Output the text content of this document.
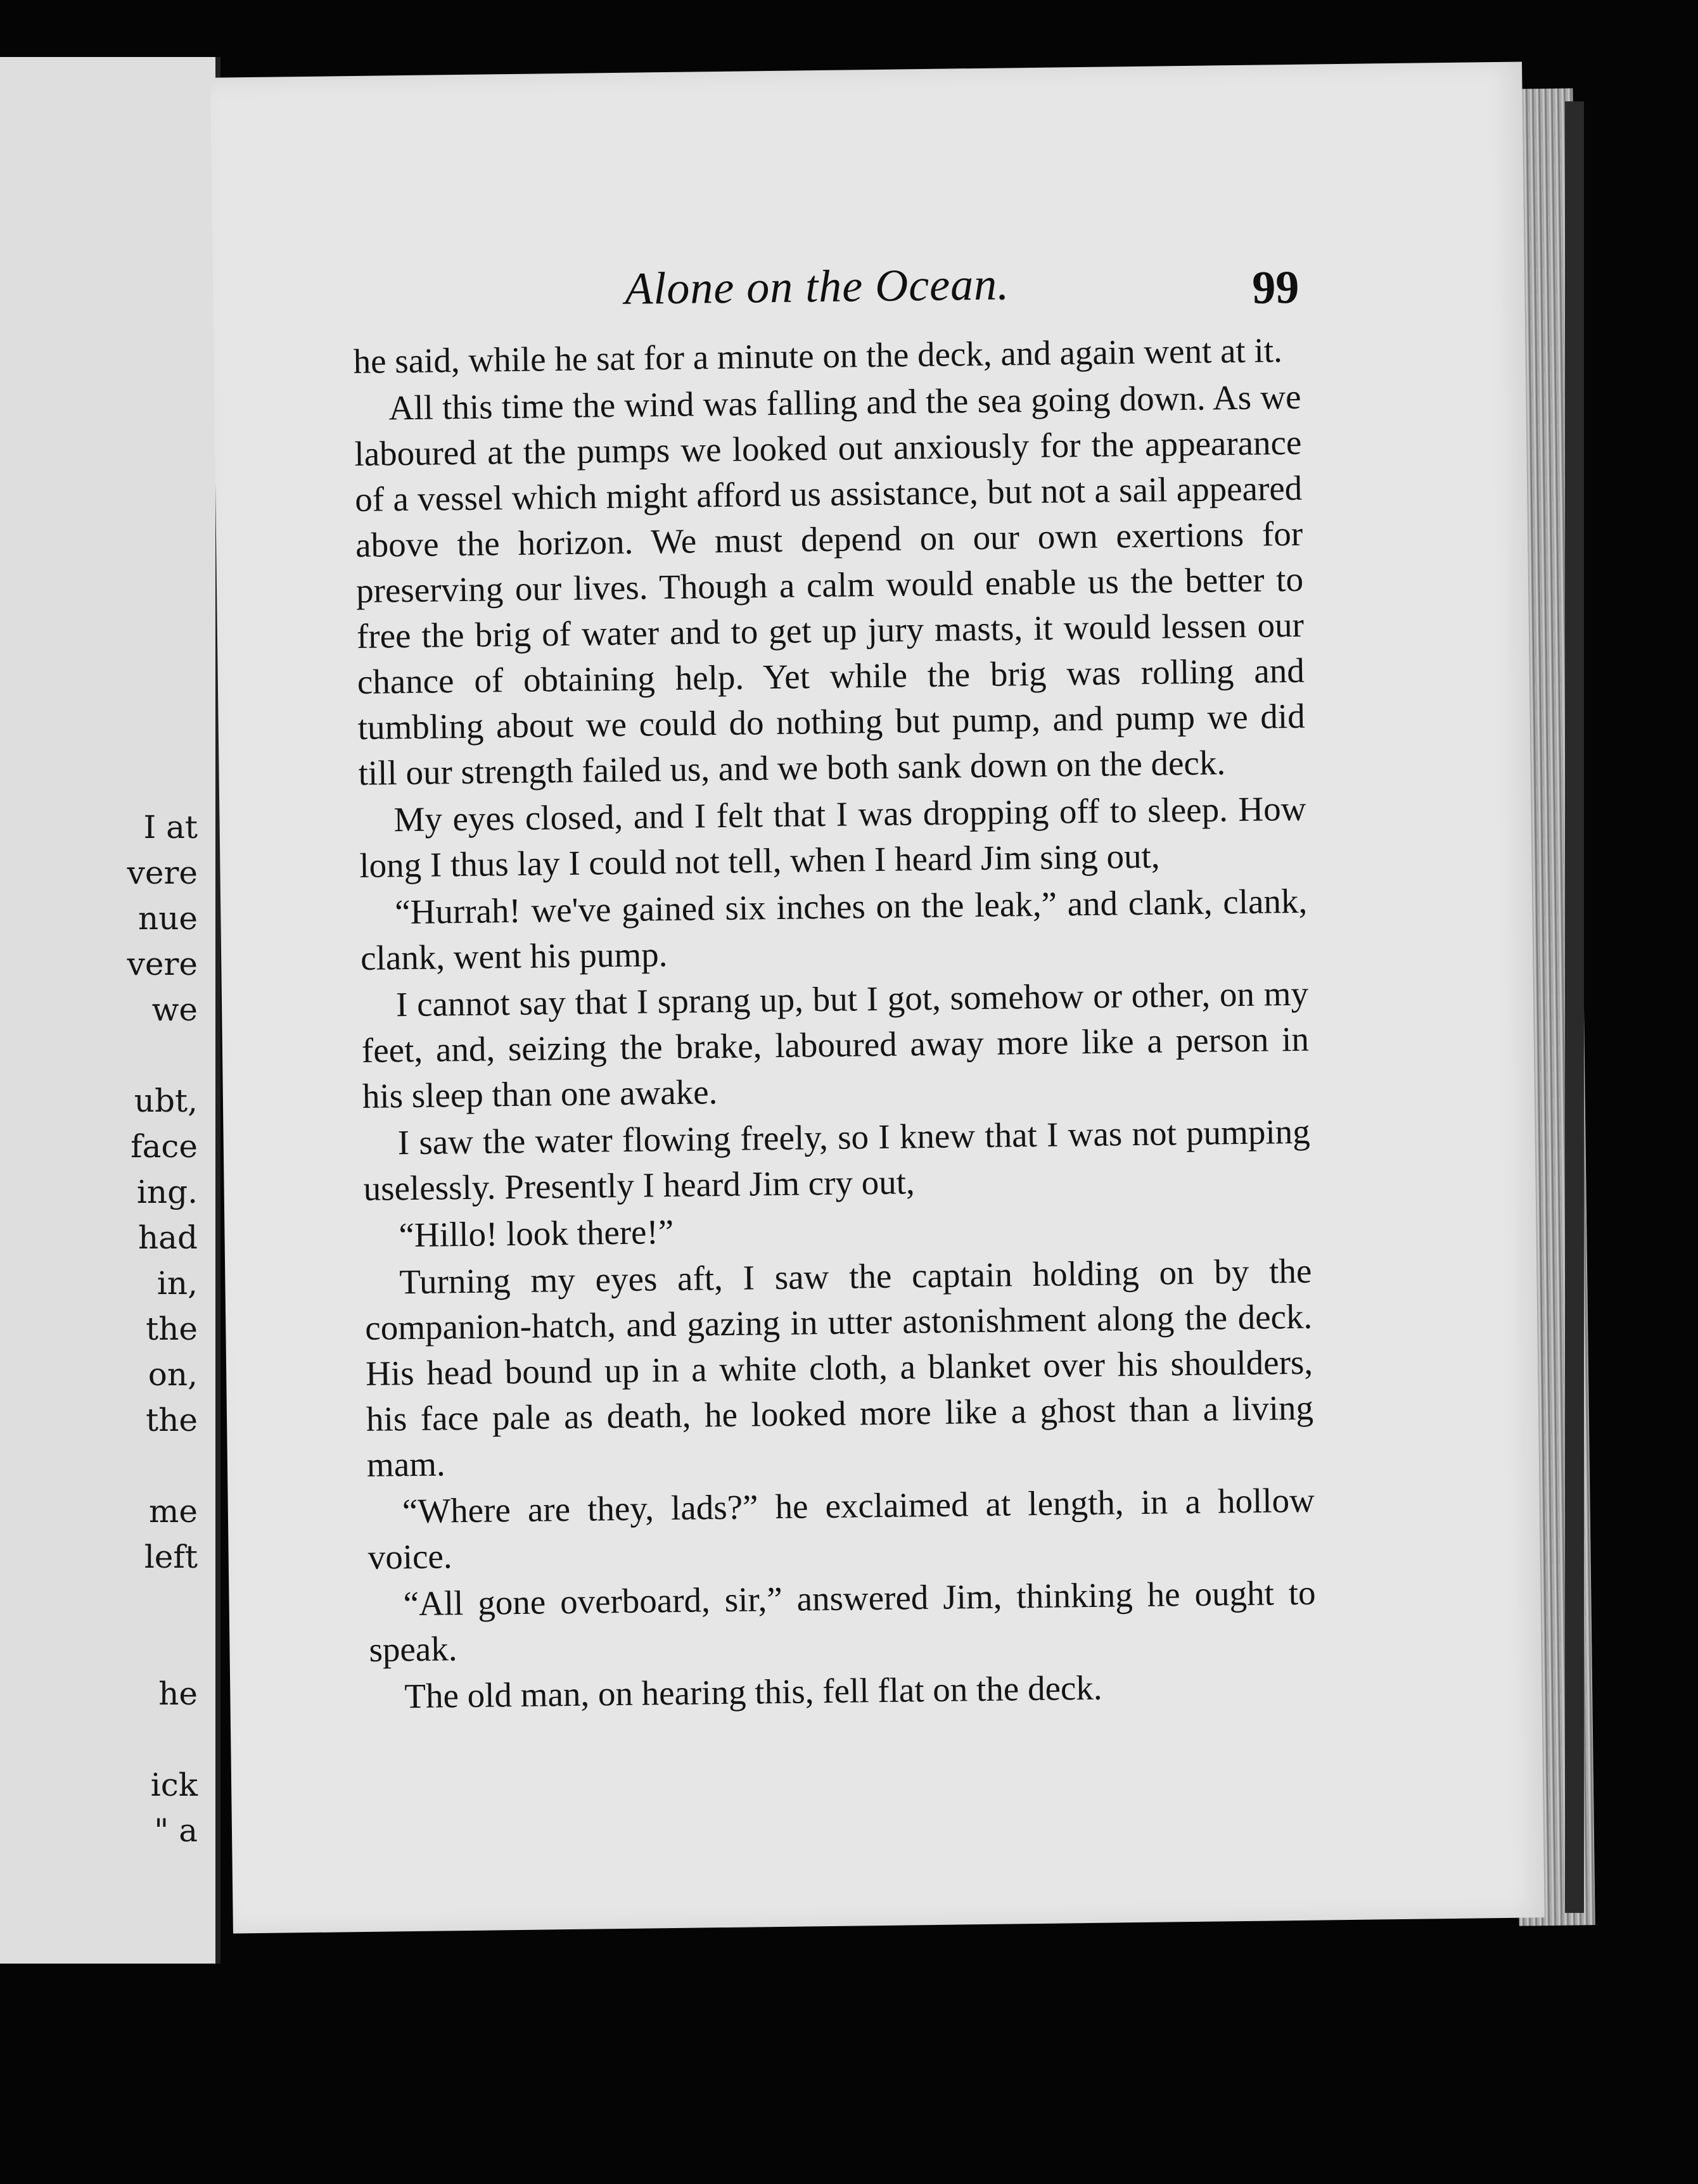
I at
vere
nue
vere
we
ubt,
face
ing.
had
in,
the
on,
the
me
left
he
ick
" a
Alone on the Ocean.	99

he said, while he sat for a minute on the deck, and again went at it.

All this time the wind was falling and the sea going down. As we laboured at the pumps we looked out anxiously for the appearance of a vessel which might afford us assistance, but not a sail appeared above the horizon. We must depend on our own exertions for preserving our lives. Though a calm would enable us the better to free the brig of water and to get up jury masts, it would lessen our chance of obtaining help. Yet while the brig was rolling and tumbling about we could do nothing but pump, and pump we did till our strength failed us, and we both sank down on the deck.

My eyes closed, and I felt that I was dropping off to sleep. How long I thus lay I could not tell, when I heard Jim sing out,

“Hurrah! we've gained six inches on the leak,” and clank, clank, clank, went his pump.

I cannot say that I sprang up, but I got, somehow or other, on my feet, and, seizing the brake, laboured away more like a person in his sleep than one awake.

I saw the water flowing freely, so I knew that I was not pumping uselessly. Presently I heard Jim cry out,

“Hillo! look there!”

Turning my eyes aft, I saw the captain holding on by the companion-hatch, and gazing in utter astonishment along the deck. His head bound up in a white cloth, a blanket over his shoulders, his face pale as death, he looked more like a ghost than a living mam.

“Where are they, lads?” he exclaimed at length, in a hollow voice.

“All gone overboard, sir,” answered Jim, thinking he ought to speak.

The old man, on hearing this, fell flat on the deck.
